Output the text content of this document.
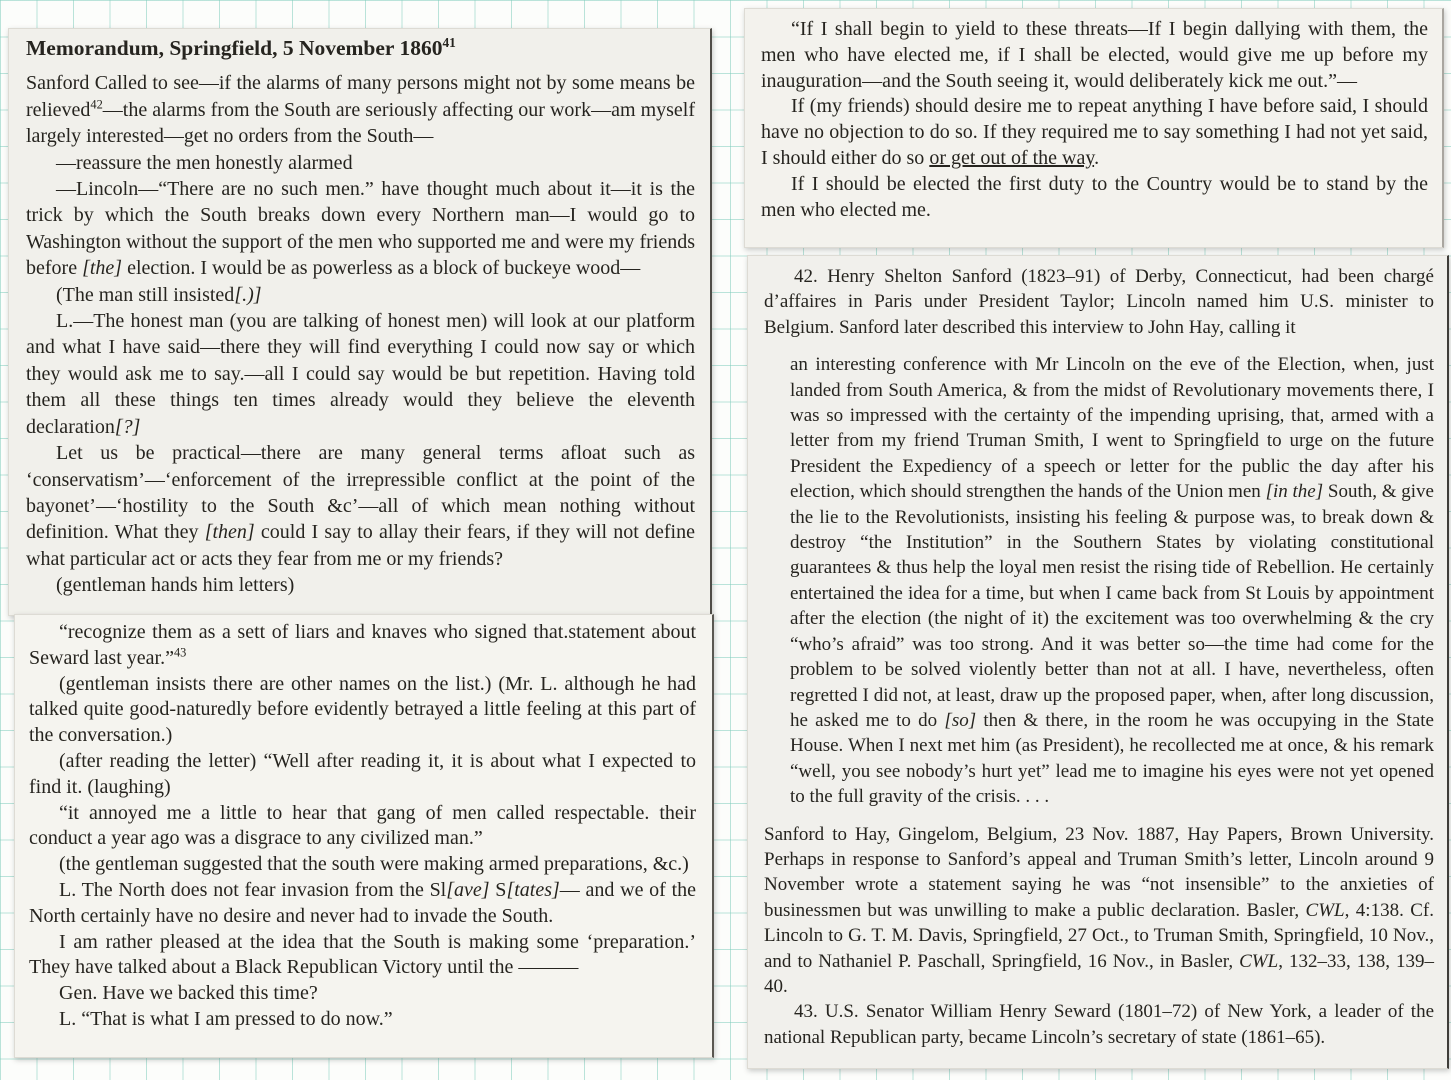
Memorandum, Springfield, 5 November 1860$^{41}$

Sanford Called to see—if the alarms of many persons might not by some means be relieved$^{42}$—the alarms from the South are seriously affecting our work—am myself largely interested—get no orders from the South—

—reassure the men honestly alarmed

—Lincoln—“There are no such men.” have thought much about it—it is the trick by which the South breaks down every Northern man—I would go to Washington without the support of the men who supported me and were my friends before [the] election. I would be as powerless as a block of buckeye wood—

(The man still insisted[.)]

L.—The honest man (you are talking of honest men) will look at our platform and what I have said—there they will find everything I could now say or which they would ask me to say.—all I could say would be but repetition. Having told them all these things ten times already would they believe the eleventh declaration[?]

Let us be practical—there are many general terms afloat such as ‘conservatism’—‘enforcement of the irrepressible conflict at the point of the bayonet’—‘hostility to the South &c’—all of which mean nothing without definition. What they [then] could I say to allay their fears, if they will not define what particular act or acts they fear from me or my friends?

(gentleman hands him letters)

“recognize them as a sett of liars and knaves who signed that.statement about Seward last year.”$^{43}$

(gentleman insists there are other names on the list.) (Mr. L. although he had talked quite good-naturedly before evidently betrayed a little feeling at this part of the conversation.)

(after reading the letter) “Well after reading it, it is about what I expected to find it. (laughing)

“it annoyed me a little to hear that gang of men called respectable. their conduct a year ago was a disgrace to any civilized man.”

(the gentleman suggested that the south were making armed preparations, &c.)

L. The North does not fear invasion from the Sl[ave] S[tates]— and we of the North certainly have no desire and never had to invade the South.

I am rather pleased at the idea that the South is making some ‘preparation.’ They have talked about a Black Republican Victory until the ———

Gen. Have we backed this time?

L. “That is what I am pressed to do now.”

“If I shall begin to yield to these threats—If I begin dallying with them, the men who have elected me, if I shall be elected, would give me up before my inauguration—and the South seeing it, would deliberately kick me out.”—

If (my friends) should desire me to repeat anything I have before said, I should have no objection to do so. If they required me to say something I had not yet said, I should either do so or get out of the way.

If I should be elected the first duty to the Country would be to stand by the men who elected me.

42. Henry Shelton Sanford (1823–91) of Derby, Connecticut, had been chargé d’affaires in Paris under President Taylor; Lincoln named him U.S. minister to Belgium. Sanford later described this interview to John Hay, calling it

an interesting conference with Mr Lincoln on the eve of the Election, when, just landed from South America, & from the midst of Revolutionary movements there, I was so impressed with the certainty of the impending uprising, that, armed with a letter from my friend Truman Smith, I went to Springfield to urge on the future President the Expediency of a speech or letter for the public the day after his election, which should strengthen the hands of the Union men [in the] South, & give the lie to the Revolutionists, insisting his feeling & purpose was, to break down & destroy “the Institution” in the Southern States by violating constitutional guarantees & thus help the loyal men resist the rising tide of Rebellion. He certainly entertained the idea for a time, but when I came back from St Louis by appointment after the election (the night of it) the excitement was too overwhelming & the cry “who’s afraid” was too strong. And it was better so—the time had come for the problem to be solved violently better than not at all. I have, nevertheless, often regretted I did not, at least, draw up the proposed paper, when, after long discussion, he asked me to do [so] then & there, in the room he was occupying in the State House. When I next met him (as President), he recollected me at once, & his remark “well, you see nobody’s hurt yet” lead me to imagine his eyes were not yet opened to the full gravity of the crisis. . . .

Sanford to Hay, Gingelom, Belgium, 23 Nov. 1887, Hay Papers, Brown University. Perhaps in response to Sanford’s appeal and Truman Smith’s letter, Lincoln around 9 November wrote a statement saying he was “not insensible” to the anxieties of businessmen but was unwilling to make a public declaration. Basler, CWL, 4:138. Cf. Lincoln to G. T. M. Davis, Springfield, 27 Oct., to Truman Smith, Springfield, 10 Nov., and to Nathaniel P. Paschall, Springfield, 16 Nov., in Basler, CWL, 132–33, 138, 139–40.

43. U.S. Senator William Henry Seward (1801–72) of New York, a leader of the national Republican party, became Lincoln’s secretary of state (1861–65).
